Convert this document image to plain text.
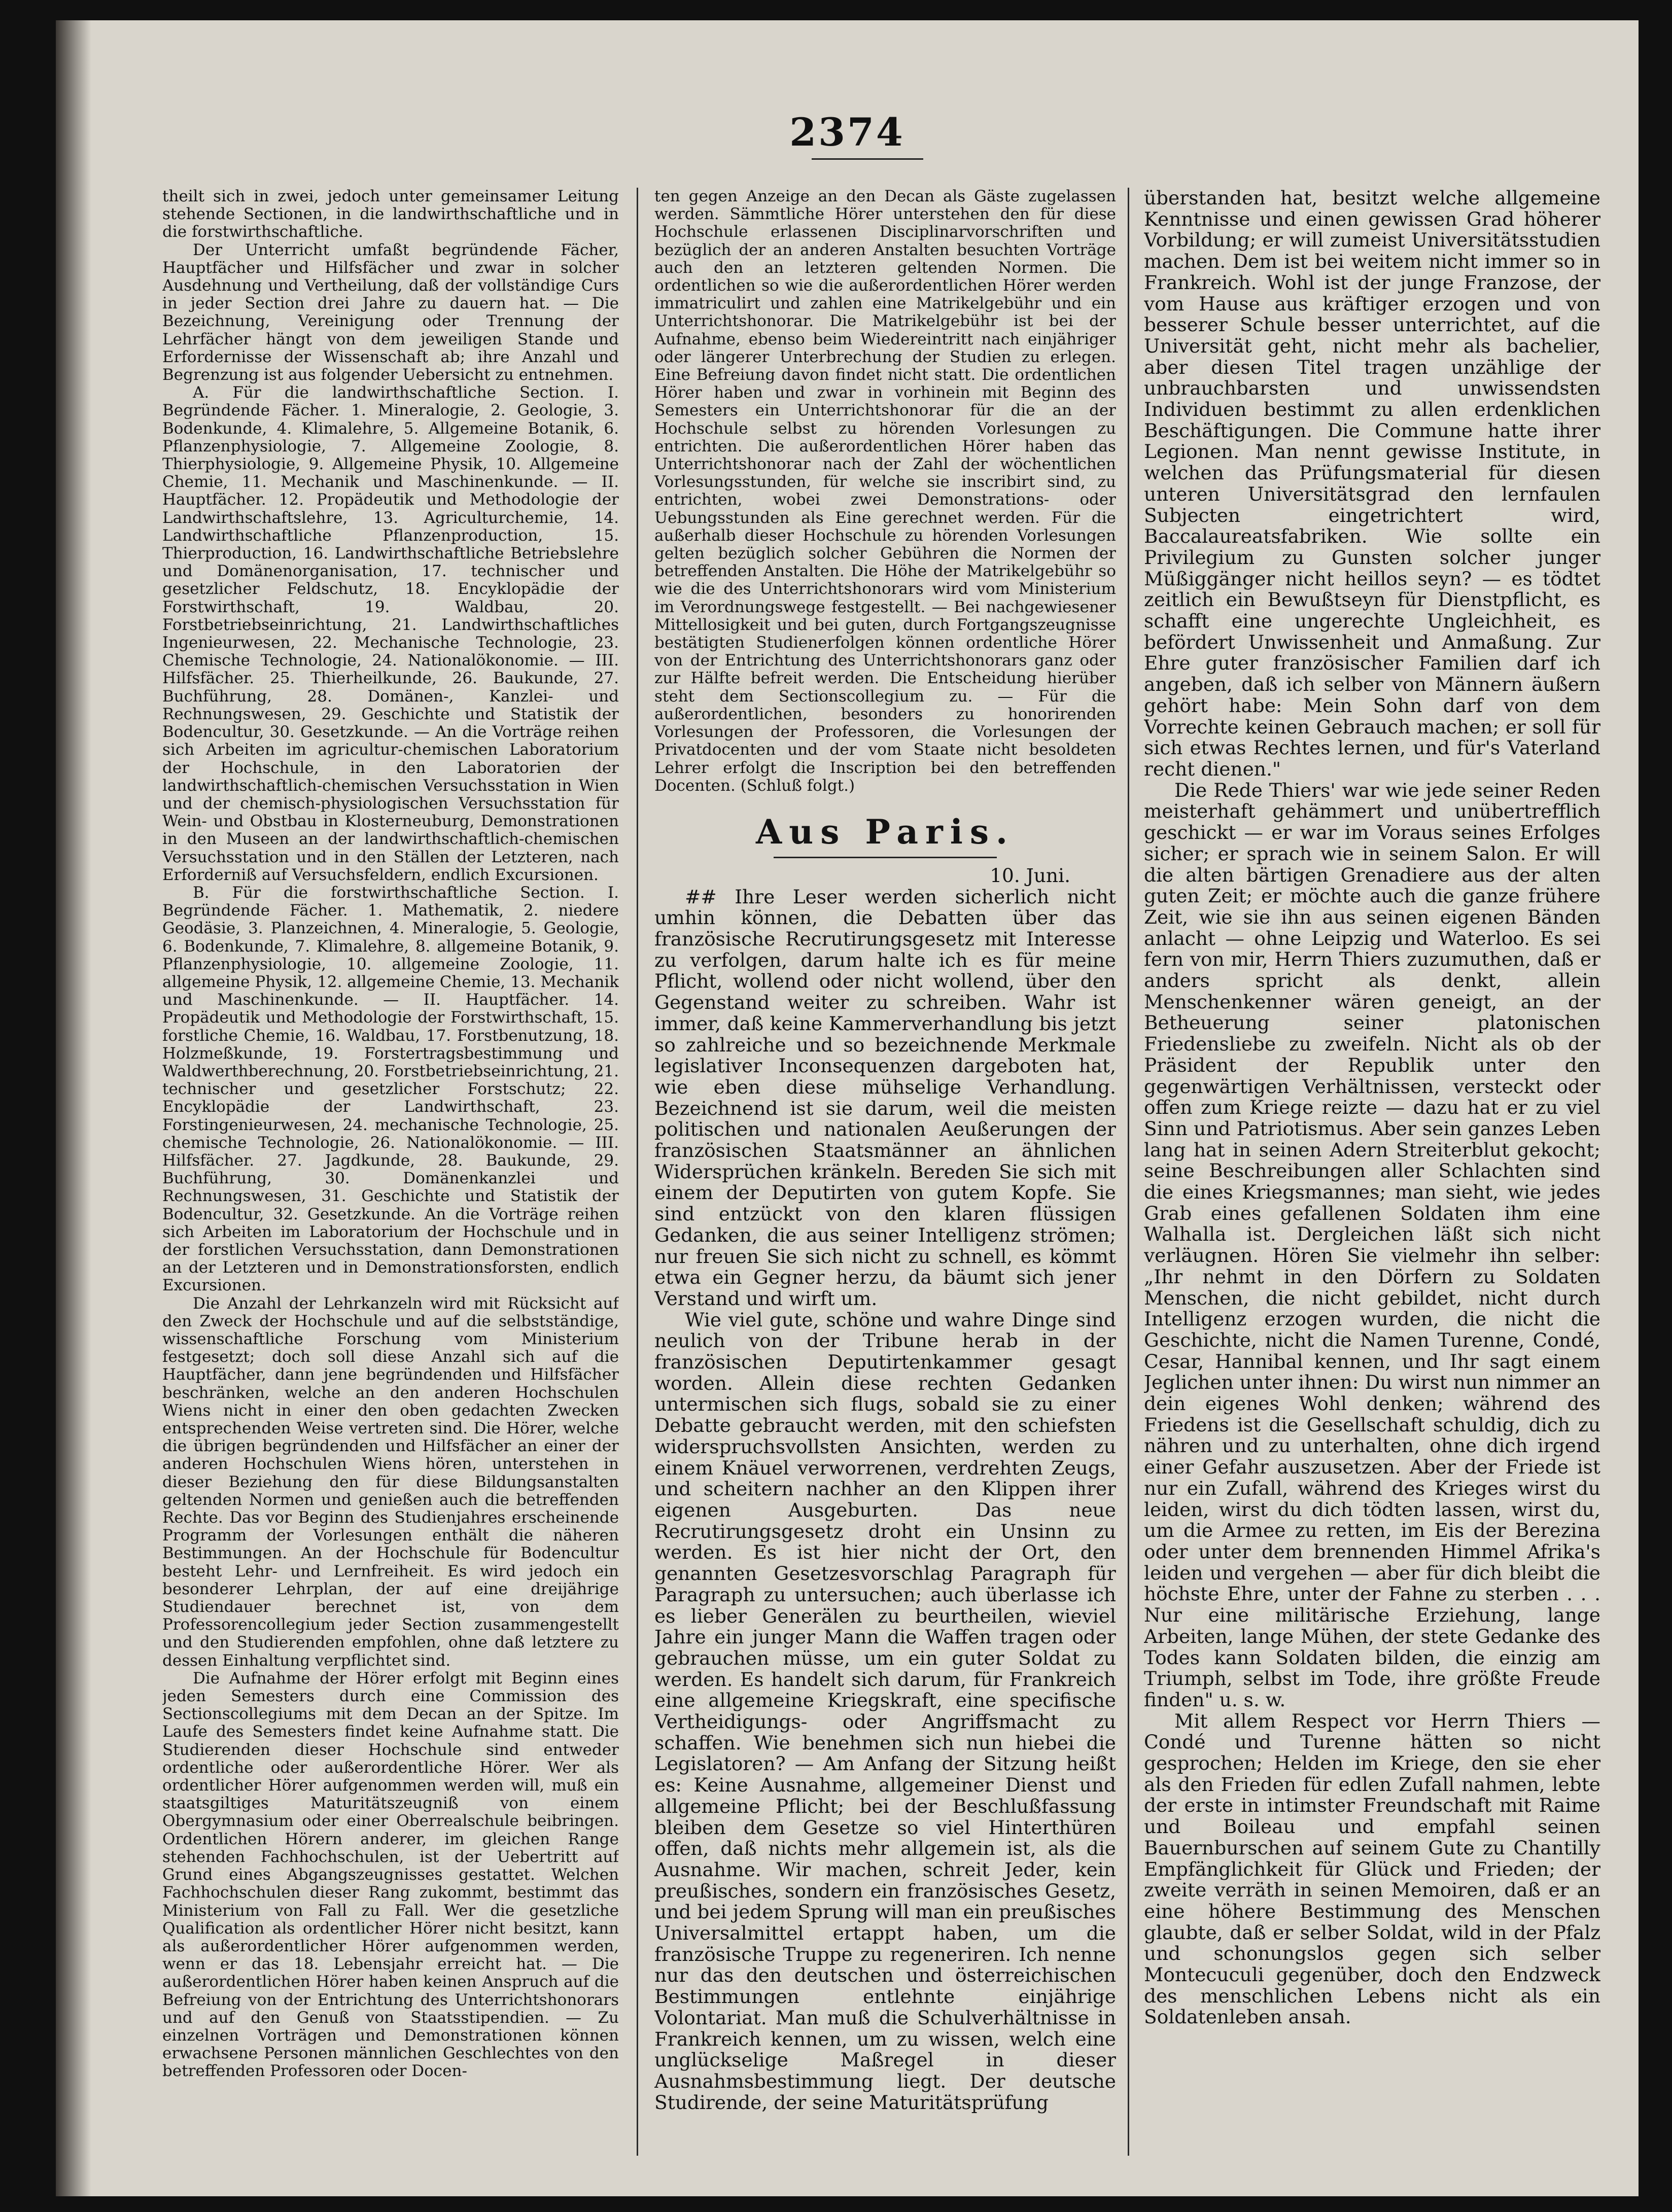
2374

theilt sich in zwei, jedoch unter gemeinsamer Leitung stehende Sectionen, in die landwirthschaftliche und in die forstwirthschaftliche.

Der Unterricht umfaßt begründende Fächer, Hauptfächer und Hilfsfächer und zwar in solcher Ausdehnung und Vertheilung, daß der vollständige Curs in jeder Section drei Jahre zu dauern hat. — Die Bezeichnung, Vereinigung oder Trennung der Lehrfächer hängt von dem jeweiligen Stande und Erfordernisse der Wissenschaft ab; ihre Anzahl und Begrenzung ist aus folgender Uebersicht zu entnehmen.

A. Für die landwirthschaftliche Section. I. Begründende Fächer. 1. Mineralogie, 2. Geologie, 3. Bodenkunde, 4. Klimalehre, 5. Allgemeine Botanik, 6. Pflanzenphysiologie, 7. Allgemeine Zoologie, 8. Thierphysiologie, 9. Allgemeine Physik, 10. Allgemeine Chemie, 11. Mechanik und Maschinenkunde. — II. Hauptfächer. 12. Propädeutik und Methodologie der Landwirthschaftslehre, 13. Agriculturchemie, 14. Landwirthschaftliche Pflanzenproduction, 15. Thierproduction, 16. Landwirthschaftliche Betriebslehre und Domänenorganisation, 17. technischer und gesetzlicher Feldschutz, 18. Encyklopädie der Forstwirthschaft, 19. Waldbau, 20. Forstbetriebseinrichtung, 21. Landwirthschaftliches Ingenieurwesen, 22. Mechanische Technologie, 23. Chemische Technologie, 24. Nationalökonomie. — III. Hilfsfächer. 25. Thierheilkunde, 26. Baukunde, 27. Buchführung, 28. Domänen-, Kanzlei- und Rechnungswesen, 29. Geschichte und Statistik der Bodencultur, 30. Gesetzkunde. — An die Vorträge reihen sich Arbeiten im agricultur-chemischen Laboratorium der Hochschule, in den Laboratorien der landwirthschaftlich-chemischen Versuchsstation in Wien und der chemisch-physiologischen Versuchsstation für Wein- und Obstbau in Klosterneuburg, Demonstrationen in den Museen an der landwirthschaftlich-chemischen Versuchsstation und in den Ställen der Letzteren, nach Erforderniß auf Versuchsfeldern, endlich Excursionen.

B. Für die forstwirthschaftliche Section. I. Begründende Fächer. 1. Mathematik, 2. niedere Geodäsie, 3. Planzeichnen, 4. Mineralogie, 5. Geologie, 6. Bodenkunde, 7. Klimalehre, 8. allgemeine Botanik, 9. Pflanzenphysiologie, 10. allgemeine Zoologie, 11. allgemeine Physik, 12. allgemeine Chemie, 13. Mechanik und Maschinenkunde. — II. Hauptfächer. 14. Propädeutik und Methodologie der Forstwirthschaft, 15. forstliche Chemie, 16. Waldbau, 17. Forstbenutzung, 18. Holzmeßkunde, 19. Forstertragsbestimmung und Waldwerthberechnung, 20. Forstbetriebseinrichtung, 21. technischer und gesetzlicher Forstschutz; 22. Encyklopädie der Landwirthschaft, 23. Forstingenieurwesen, 24. mechanische Technologie, 25. chemische Technologie, 26. Nationalökonomie. — III. Hilfsfächer. 27. Jagdkunde, 28. Baukunde, 29. Buchführung, 30. Domänenkanzlei und Rechnungswesen, 31. Geschichte und Statistik der Bodencultur, 32. Gesetzkunde. An die Vorträge reihen sich Arbeiten im Laboratorium der Hochschule und in der forstlichen Versuchsstation, dann Demonstrationen an der Letzteren und in Demonstrationsforsten, endlich Excursionen.

Die Anzahl der Lehrkanzeln wird mit Rücksicht auf den Zweck der Hochschule und auf die selbstständige, wissenschaftliche Forschung vom Ministerium festgesetzt; doch soll diese Anzahl sich auf die Hauptfächer, dann jene begründenden und Hilfsfächer beschränken, welche an den anderen Hochschulen Wiens nicht in einer den oben gedachten Zwecken entsprechenden Weise vertreten sind. Die Hörer, welche die übrigen begründenden und Hilfsfächer an einer der anderen Hochschulen Wiens hören, unterstehen in dieser Beziehung den für diese Bildungsanstalten geltenden Normen und genießen auch die betreffenden Rechte. Das vor Beginn des Studienjahres erscheinende Programm der Vorlesungen enthält die näheren Bestimmungen. An der Hochschule für Bodencultur besteht Lehr- und Lernfreiheit. Es wird jedoch ein besonderer Lehrplan, der auf eine dreijährige Studiendauer berechnet ist, von dem Professorencollegium jeder Section zusammengestellt und den Studierenden empfohlen, ohne daß letztere zu dessen Einhaltung verpflichtet sind.

Die Aufnahme der Hörer erfolgt mit Beginn eines jeden Semesters durch eine Commission des Sectionscollegiums mit dem Decan an der Spitze. Im Laufe des Semesters findet keine Aufnahme statt. Die Studierenden dieser Hochschule sind entweder ordentliche oder außerordentliche Hörer. Wer als ordentlicher Hörer aufgenommen werden will, muß ein staatsgiltiges Maturitätszeugniß von einem Obergymnasium oder einer Oberrealschule beibringen. Ordentlichen Hörern anderer, im gleichen Range stehenden Fachhochschulen, ist der Uebertritt auf Grund eines Abgangszeugnisses gestattet. Welchen Fachhochschulen dieser Rang zukommt, bestimmt das Ministerium von Fall zu Fall. Wer die gesetzliche Qualification als ordentlicher Hörer nicht besitzt, kann als außerordentlicher Hörer aufgenommen werden, wenn er das 18. Lebensjahr erreicht hat. — Die außerordentlichen Hörer haben keinen Anspruch auf die Befreiung von der Entrichtung des Unterrichtshonorars und auf den Genuß von Staatsstipendien. — Zu einzelnen Vorträgen und Demonstrationen können erwachsene Personen männlichen Geschlechtes von den betreffenden Professoren oder Docen-

ten gegen Anzeige an den Decan als Gäste zugelassen werden. Sämmtliche Hörer unterstehen den für diese Hochschule erlassenen Disciplinarvorschriften und bezüglich der an anderen Anstalten besuchten Vorträge auch den an letzteren geltenden Normen. Die ordentlichen so wie die außerordentlichen Hörer werden immatriculirt und zahlen eine Matrikelgebühr und ein Unterrichtshonorar. Die Matrikelgebühr ist bei der Aufnahme, ebenso beim Wiedereintritt nach einjähriger oder längerer Unterbrechung der Studien zu erlegen. Eine Befreiung davon findet nicht statt. Die ordentlichen Hörer haben und zwar in vorhinein mit Beginn des Semesters ein Unterrichtshonorar für die an der Hochschule selbst zu hörenden Vorlesungen zu entrichten. Die außerordentlichen Hörer haben das Unterrichtshonorar nach der Zahl der wöchentlichen Vorlesungsstunden, für welche sie inscribirt sind, zu entrichten, wobei zwei Demonstrations- oder Uebungsstunden als Eine gerechnet werden. Für die außerhalb dieser Hochschule zu hörenden Vorlesungen gelten bezüglich solcher Gebühren die Normen der betreffenden Anstalten. Die Höhe der Matrikelgebühr so wie die des Unterrichtshonorars wird vom Ministerium im Verordnungswege festgestellt. — Bei nachgewiesener Mittellosigkeit und bei guten, durch Fortgangszeugnisse bestätigten Studienerfolgen können ordentliche Hörer von der Entrichtung des Unterrichtshonorars ganz oder zur Hälfte befreit werden. Die Entscheidung hierüber steht dem Sectionscollegium zu. — Für die außerordentlichen, besonders zu honorirenden Vorlesungen der Professoren, die Vorlesungen der Privatdocenten und der vom Staate nicht besoldeten Lehrer erfolgt die Inscription bei den betreffenden Docenten. (Schluß folgt.)

Aus Paris.
10. Juni.

## Ihre Leser werden sicherlich nicht umhin können, die Debatten über das französische Recrutirungsgesetz mit Interesse zu verfolgen, darum halte ich es für meine Pflicht, wollend oder nicht wollend, über den Gegenstand weiter zu schreiben. Wahr ist immer, daß keine Kammerverhandlung bis jetzt so zahlreiche und so bezeichnende Merkmale legislativer Inconsequenzen dargeboten hat, wie eben diese mühselige Verhandlung. Bezeichnend ist sie darum, weil die meisten politischen und nationalen Aeußerungen der französischen Staatsmänner an ähnlichen Widersprüchen kränkeln. Bereden Sie sich mit einem der Deputirten von gutem Kopfe. Sie sind entzückt von den klaren flüssigen Gedanken, die aus seiner Intelligenz strömen; nur freuen Sie sich nicht zu schnell, es kömmt etwa ein Gegner herzu, da bäumt sich jener Verstand und wirft um.

Wie viel gute, schöne und wahre Dinge sind neulich von der Tribune herab in der französischen Deputirtenkammer gesagt worden. Allein diese rechten Gedanken untermischen sich flugs, sobald sie zu einer Debatte gebraucht werden, mit den schiefsten widerspruchsvollsten Ansichten, werden zu einem Knäuel verworrenen, verdrehten Zeugs, und scheitern nachher an den Klippen ihrer eigenen Ausgeburten. Das neue Recrutirungsgesetz droht ein Unsinn zu werden. Es ist hier nicht der Ort, den genannten Gesetzesvorschlag Paragraph für Paragraph zu untersuchen; auch überlasse ich es lieber Generälen zu beurtheilen, wieviel Jahre ein junger Mann die Waffen tragen oder gebrauchen müsse, um ein guter Soldat zu werden. Es handelt sich darum, für Frankreich eine allgemeine Kriegskraft, eine specifische Vertheidigungs- oder Angriffsmacht zu schaffen. Wie benehmen sich nun hiebei die Legislatoren? — Am Anfang der Sitzung heißt es: Keine Ausnahme, allgemeiner Dienst und allgemeine Pflicht; bei der Beschlußfassung bleiben dem Gesetze so viel Hinterthüren offen, daß nichts mehr allgemein ist, als die Ausnahme. Wir machen, schreit Jeder, kein preußisches, sondern ein französisches Gesetz, und bei jedem Sprung will man ein preußisches Universalmittel ertappt haben, um die französische Truppe zu regeneriren. Ich nenne nur das den deutschen und österreichischen Bestimmungen entlehnte einjährige Volontariat. Man muß die Schulverhältnisse in Frankreich kennen, um zu wissen, welch eine unglückselige Maßregel in dieser Ausnahmsbestimmung liegt. Der deutsche Studirende, der seine Maturitätsprüfung

überstanden hat, besitzt welche allgemeine Kenntnisse und einen gewissen Grad höherer Vorbildung; er will zumeist Universitätsstudien machen. Dem ist bei weitem nicht immer so in Frankreich. Wohl ist der junge Franzose, der vom Hause aus kräftiger erzogen und von besserer Schule besser unterrichtet, auf die Universität geht, nicht mehr als bachelier, aber diesen Titel tragen unzählige der unbrauchbarsten und unwissendsten Individuen bestimmt zu allen erdenklichen Beschäftigungen. Die Commune hatte ihrer Legionen. Man nennt gewisse Institute, in welchen das Prüfungsmaterial für diesen unteren Universitätsgrad den lernfaulen Subjecten eingetrichtert wird, Baccalaureatsfabriken. Wie sollte ein Privilegium zu Gunsten solcher junger Müßiggänger nicht heillos seyn? — es tödtet zeitlich ein Bewußtseyn für Dienstpflicht, es schafft eine ungerechte Ungleichheit, es befördert Unwissenheit und Anmaßung. Zur Ehre guter französischer Familien darf ich angeben, daß ich selber von Männern äußern gehört habe: Mein Sohn darf von dem Vorrechte keinen Gebrauch machen; er soll für sich etwas Rechtes lernen, und für's Vaterland recht dienen."

Die Rede Thiers' war wie jede seiner Reden meisterhaft gehämmert und unübertrefflich geschickt — er war im Voraus seines Erfolges sicher; er sprach wie in seinem Salon. Er will die alten bärtigen Grenadiere aus der alten guten Zeit; er möchte auch die ganze frühere Zeit, wie sie ihn aus seinen eigenen Bänden anlacht — ohne Leipzig und Waterloo. Es sei fern von mir, Herrn Thiers zuzumuthen, daß er anders spricht als denkt, allein Menschenkenner wären geneigt, an der Betheuerung seiner platonischen Friedensliebe zu zweifeln. Nicht als ob der Präsident der Republik unter den gegenwärtigen Verhältnissen, versteckt oder offen zum Kriege reizte — dazu hat er zu viel Sinn und Patriotismus. Aber sein ganzes Leben lang hat in seinen Adern Streiterblut gekocht; seine Beschreibungen aller Schlachten sind die eines Kriegsmannes; man sieht, wie jedes Grab eines gefallenen Soldaten ihm eine Walhalla ist. Dergleichen läßt sich nicht verläugnen. Hören Sie vielmehr ihn selber: „Ihr nehmt in den Dörfern zu Soldaten Menschen, die nicht gebildet, nicht durch Intelligenz erzogen wurden, die nicht die Geschichte, nicht die Namen Turenne, Condé, Cesar, Hannibal kennen, und Ihr sagt einem Jeglichen unter ihnen: Du wirst nun nimmer an dein eigenes Wohl denken; während des Friedens ist die Gesellschaft schuldig, dich zu nähren und zu unterhalten, ohne dich irgend einer Gefahr auszusetzen. Aber der Friede ist nur ein Zufall, während des Krieges wirst du leiden, wirst du dich tödten lassen, wirst du, um die Armee zu retten, im Eis der Berezina oder unter dem brennenden Himmel Afrika's leiden und vergehen — aber für dich bleibt die höchste Ehre, unter der Fahne zu sterben . . . Nur eine militärische Erziehung, lange Arbeiten, lange Mühen, der stete Gedanke des Todes kann Soldaten bilden, die einzig am Triumph, selbst im Tode, ihre größte Freude finden" u. s. w.

Mit allem Respect vor Herrn Thiers — Condé und Turenne hätten so nicht gesprochen; Helden im Kriege, den sie eher als den Frieden für edlen Zufall nahmen, lebte der erste in intimster Freundschaft mit Raime und Boileau und empfahl seinen Bauernburschen auf seinem Gute zu Chantilly Empfänglichkeit für Glück und Frieden; der zweite verräth in seinen Memoiren, daß er an eine höhere Bestimmung des Menschen glaubte, daß er selber Soldat, wild in der Pfalz und schonungslos gegen sich selber Montecuculi gegenüber, doch den Endzweck des menschlichen Lebens nicht als ein Soldatenleben ansah.
